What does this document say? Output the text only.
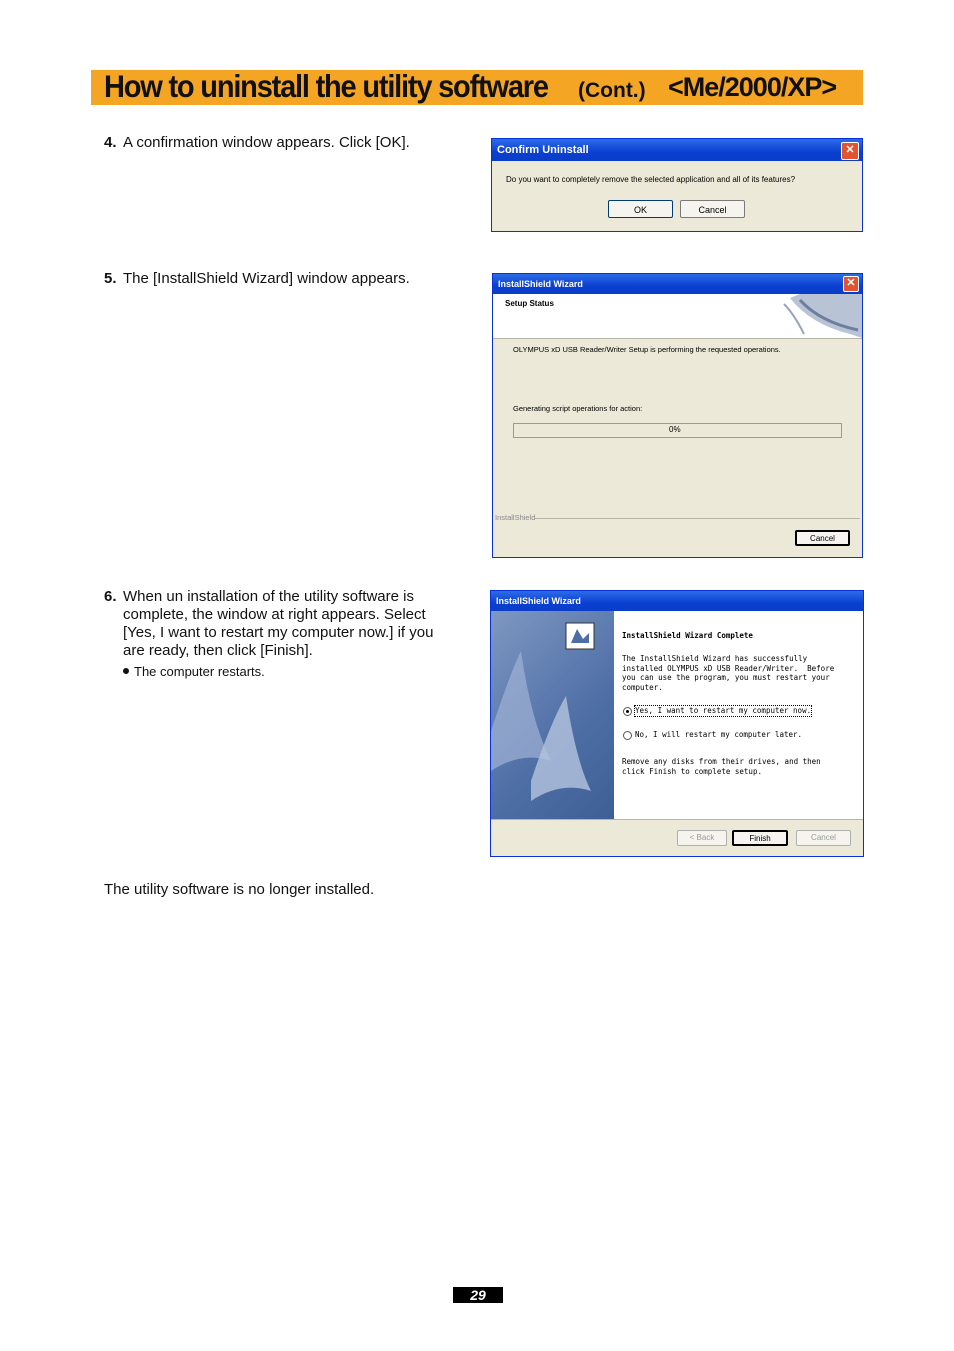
How to uninstall the utility software (Cont.) <Me/2000/XP>
4. A confirmation window appears. Click [OK].
5. The [InstallShield Wizard] window appears.
6. When un installation of the utility software is complete, the window at right appears. Select [Yes, I want to restart my computer now.] if you are ready, then click [Finish].
The computer restarts.
The utility software is no longer installed.
Confirm Uninstall	✕
Do you want to completely remove the selected application and all of its features?
OK	Cancel
InstallShield Wizard	✕
Setup Status
OLYMPUS xD USB Reader/Writer Setup is performing the requested operations.
Generating script operations for action:
0%
InstallShield
Cancel
InstallShield Wizard
InstallShield Wizard Complete
The InstallShield Wizard has successfully
installed OLYMPUS xD USB Reader/Writer.  Before
you can use the program, you must restart your
computer.
Yes, I want to restart my computer now.
No, I will restart my computer later.
Remove any disks from their drives, and then
click Finish to complete setup.
< Back	Finish	Cancel
29
